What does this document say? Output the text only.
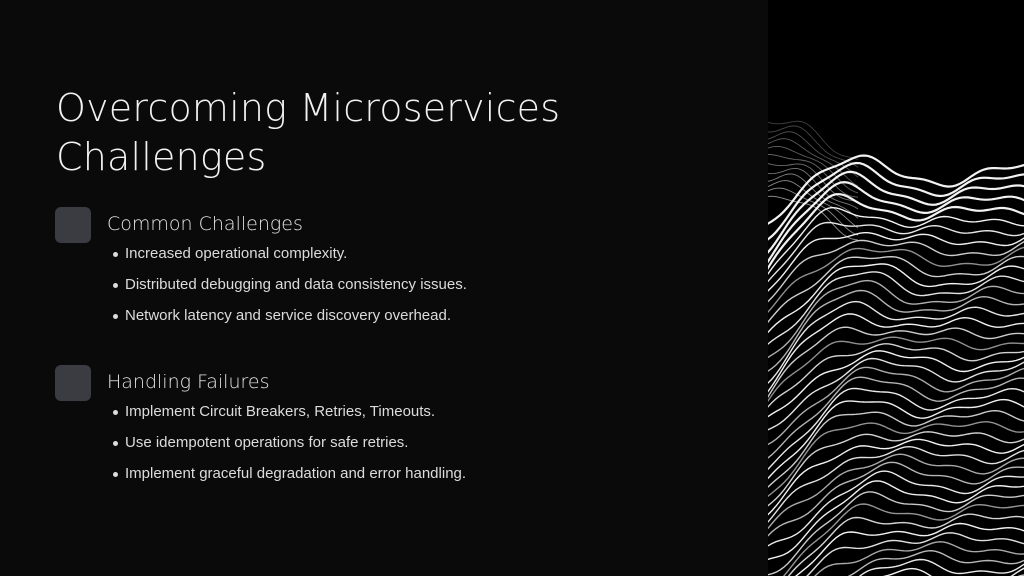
Overcoming Microservices Challenges
Common Challenges
Increased operational complexity.
Distributed debugging and data consistency issues.
Network latency and service discovery overhead.
Handling Failures
Implement Circuit Breakers, Retries, Timeouts.
Use idempotent operations for safe retries.
Implement graceful degradation and error handling.
